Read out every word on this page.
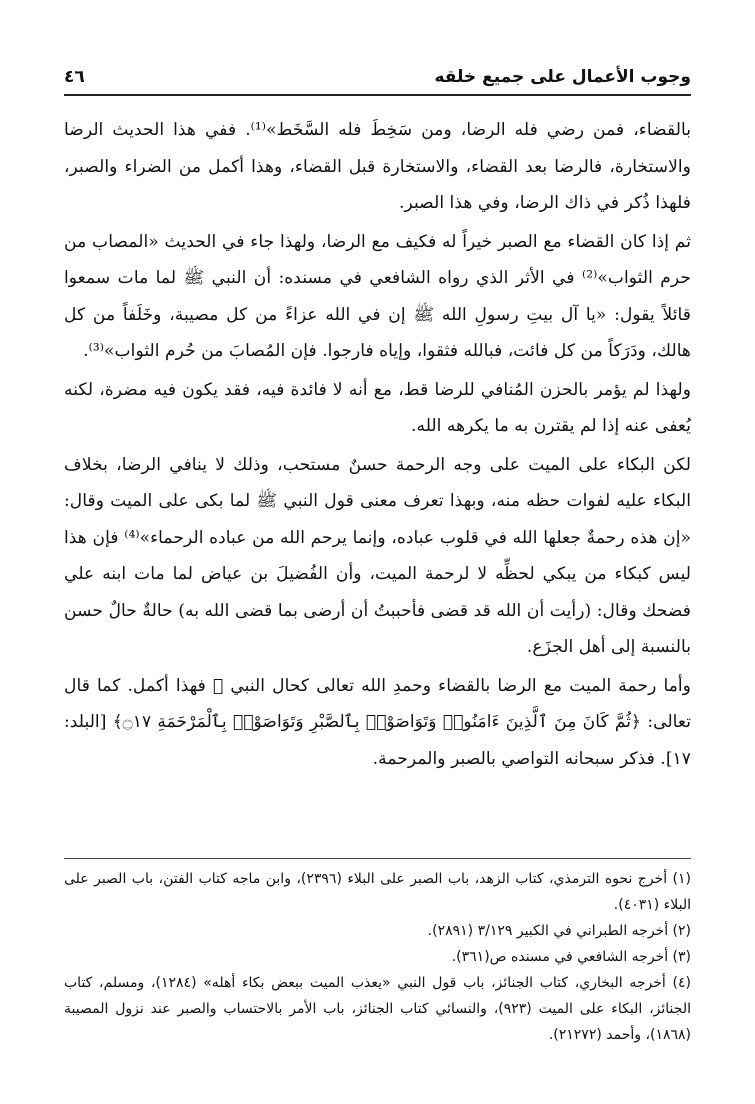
وجوب الأعمال على جميع خلقه
٤٦

بالقضاء، فمن رضي فله الرضا، ومن سَخِطَ فله السَّخَط»⁽¹⁾. ففي هذا الحديث الرضا والاستخارة، فالرضا بعد القضاء، والاستخارة قبل القضاء، وهذا أكمل من الضراء والصبر، فلهذا ذُكر في ذاك الرضا، وفي هذا الصبر.

ثم إذا كان القضاء مع الصبر خيراً له فكيف مع الرضا، ولهذا جاء في الحديث «المصاب من حرم الثواب»⁽²⁾ في الأثر الذي رواه الشافعي في مسنده: أن النبي ﷺ لما مات سمعوا قائلاً يقول: «يا آل بيتِ رسولِ الله ﷺ إن في الله عزاءً من كل مصيبة، وخَلَفاً من كل هالك، ودَرَكاً من كل فائت، فبالله فثقوا، وإياه فارجوا. فإن المُصابَ من حُرم الثواب»⁽³⁾.

ولهذا لم يؤمر بالحزن المُنافي للرضا قط، مع أنه لا فائدة فيه، فقد يكون فيه مضرة، لكنه يُعفى عنه إذا لم يقترن به ما يكرهه الله.

لكن البكاء على الميت على وجه الرحمة حسنٌ مستحب، وذلك لا ينافي الرضا، بخلاف البكاء عليه لفوات حظه منه، وبهذا تعرف معنى قول النبي ﷺ لما بكى على الميت وقال: «إن هذه رحمةٌ جعلها الله في قلوب عباده، وإنما يرحم الله من عباده الرحماء»⁽⁴⁾ فإن هذا ليس كبكاء من يبكي لحظِّه لا لرحمة الميت، وأن الفُضيلَ بن عياض لما مات ابنه علي فضحك وقال: (رأيت أن الله قد قضى فأحببتُ أن أرضى بما قضى الله به) حالةٌ حالٌ حسن بالنسبة إلى أهل الجزَع.

وأما رحمة الميت مع الرضا بالقضاء وحمدِ الله تعالى كحال النبي ﷺ فهذا أكمل. كما قال تعالى: ﴿ثُمَّ كَانَ مِنَ ٱلَّذِينَ ءَامَنُوا۟ وَتَوَاصَوْا۟ بِٱلصَّبْرِ وَتَوَاصَوْا۟ بِٱلْمَرْحَمَةِ ۝١٧﴾ [البلد: ١٧]. فذكر سبحانه التواصي بالصبر والمرحمة.

(١) أخرج نحوه الترمذي، كتاب الزهد، باب الصبر على البلاء (٢٣٩٦)، وابن ماجه كتاب الفتن، باب الصبر على البلاء (٤٠٣١).

(٢) أخرجه الطبراني في الكبير ٣/١٢٩ (٢٨٩١).

(٣) أخرجه الشافعي في مسنده ص(٣٦١).

(٤) أخرجه البخاري، كتاب الجنائز، باب قول النبي «يعذب الميت ببعض بكاء أهله» (١٢٨٤)، ومسلم، كتاب الجنائز، البكاء على الميت (٩٢٣)، والنسائي كتاب الجنائز، باب الأمر بالاحتساب والصبر عند نزول المصيبة (١٨٦٨)، وأحمد (٢١٢٧٢).
